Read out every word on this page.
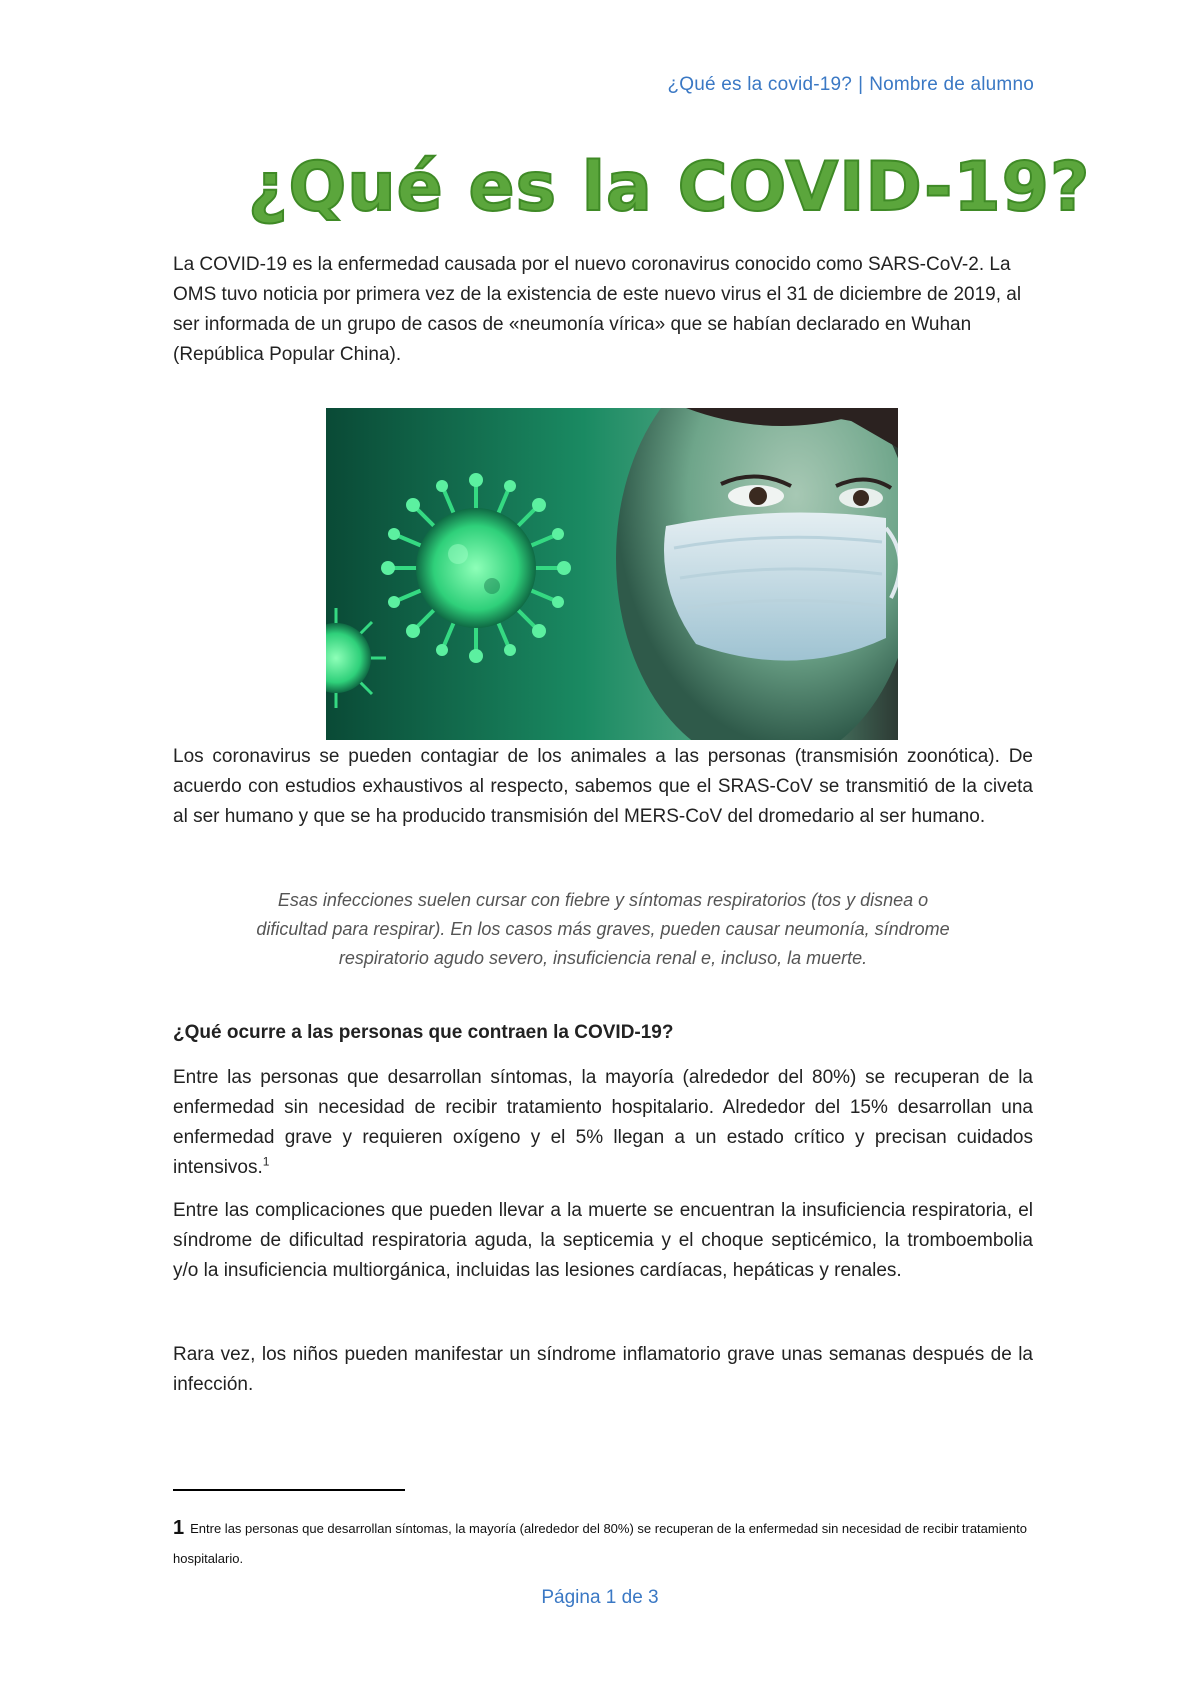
¿Qué es la covid-19? | Nombre de alumno
¿Qué es la COVID-19?

La COVID-19 es la enfermedad causada por el nuevo coronavirus conocido como SARS-CoV-2. La OMS tuvo noticia por primera vez de la existencia de este nuevo virus el 31 de diciembre de 2019, al ser informada de un grupo de casos de «neumonía vírica» que se habían declarado en Wuhan (República Popular China).

Los coronavirus se pueden contagiar de los animales a las personas (transmisión zoonótica). De acuerdo con estudios exhaustivos al respecto, sabemos que el SRAS-CoV se transmitió de la civeta al ser humano y que se ha producido transmisión del MERS-CoV del dromedario al ser humano.

Esas infecciones suelen cursar con fiebre y síntomas respiratorios (tos y disnea o dificultad para respirar). En los casos más graves, pueden causar neumonía, síndrome respiratorio agudo severo, insuficiencia renal e, incluso, la muerte.

¿Qué ocurre a las personas que contraen la COVID-19?

Entre las personas que desarrollan síntomas, la mayoría (alrededor del 80%) se recuperan de la enfermedad sin necesidad de recibir tratamiento hospitalario. Alrededor del 15% desarrollan una enfermedad grave y requieren oxígeno y el 5% llegan a un estado crítico y precisan cuidados intensivos.$^1$

Entre las complicaciones que pueden llevar a la muerte se encuentran la insuficiencia respiratoria, el síndrome de dificultad respiratoria aguda, la septicemia y el choque septicémico, la tromboembolia y/o la insuficiencia multiorgánica, incluidas las lesiones cardíacas, hepáticas y renales.

Rara vez, los niños pueden manifestar un síndrome inflamatorio grave unas semanas después de la infección.

1 Entre las personas que desarrollan síntomas, la mayoría (alrededor del 80%) se recuperan de la enfermedad sin necesidad de recibir tratamiento hospitalario.

Página 1 de 3
